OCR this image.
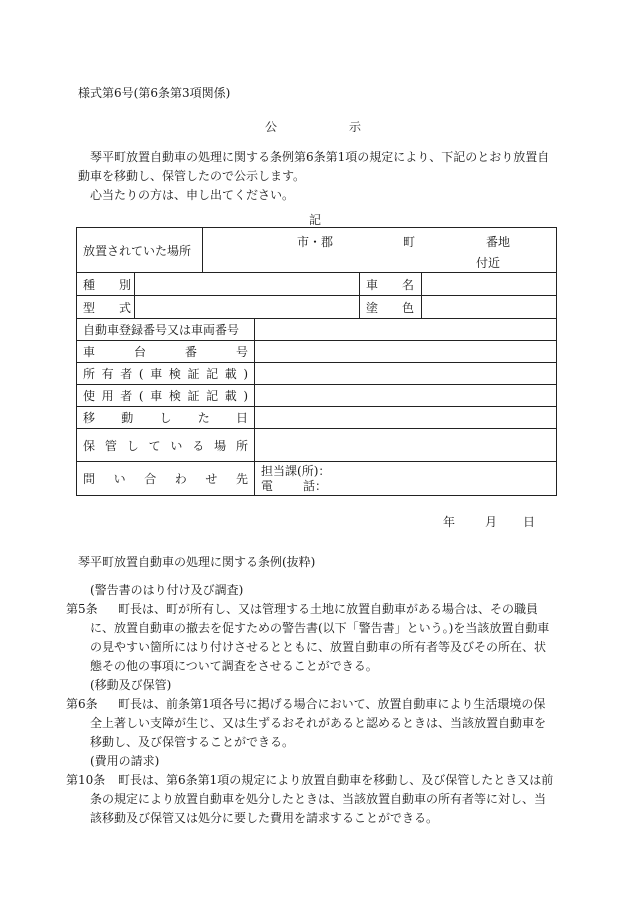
様式第6号(第6条第3項関係)
公	示

琴平町放置自動車の処理に関する条例第6条第1項の規定により、下記のとおり放置自動車を移動し、保管したので公示します。

心当たりの方は、申し出てください。

記
放置されていた場所		市・郡 町 番地
付近			

種　　別				車　　名	
型　　式				塗　　色	
自動車登録番号又は車両番号					
車台番号					
所有者(車検証記載)					
使用者(車検証記載)					
移動した日					
保管している場所					
問い合わせ先			担当課(所)：
電話：		
年	月 日
琴平町放置自動車の処理に関する条例(抜粋)
(警告書のはり付け及び調査)
第5条 町長は、町が所有し、又は管理する土地に放置自動車がある場合は、その職員に、放置自動車の撤去を促すための警告書(以下「警告書」という。)を当該放置自動車の見やすい箇所にはり付けさせるとともに、放置自動車の所有者等及びその所在、状態その他の事項について調査をさせることができる。
(移動及び保管)
第6条 町長は、前条第1項各号に掲げる場合において、放置自動車により生活環境の保全上著しい支障が生じ、又は生ずるおそれがあると認めるときは、当該放置自動車を移動し、及び保管することができる。
(費用の請求)
第10条 町長は、第6条第1項の規定により放置自動車を移動し、及び保管したとき又は前条の規定により放置自動車を処分したときは、当該放置自動車の所有者等に対し、当該移動及び保管又は処分に要した費用を請求することができる。
